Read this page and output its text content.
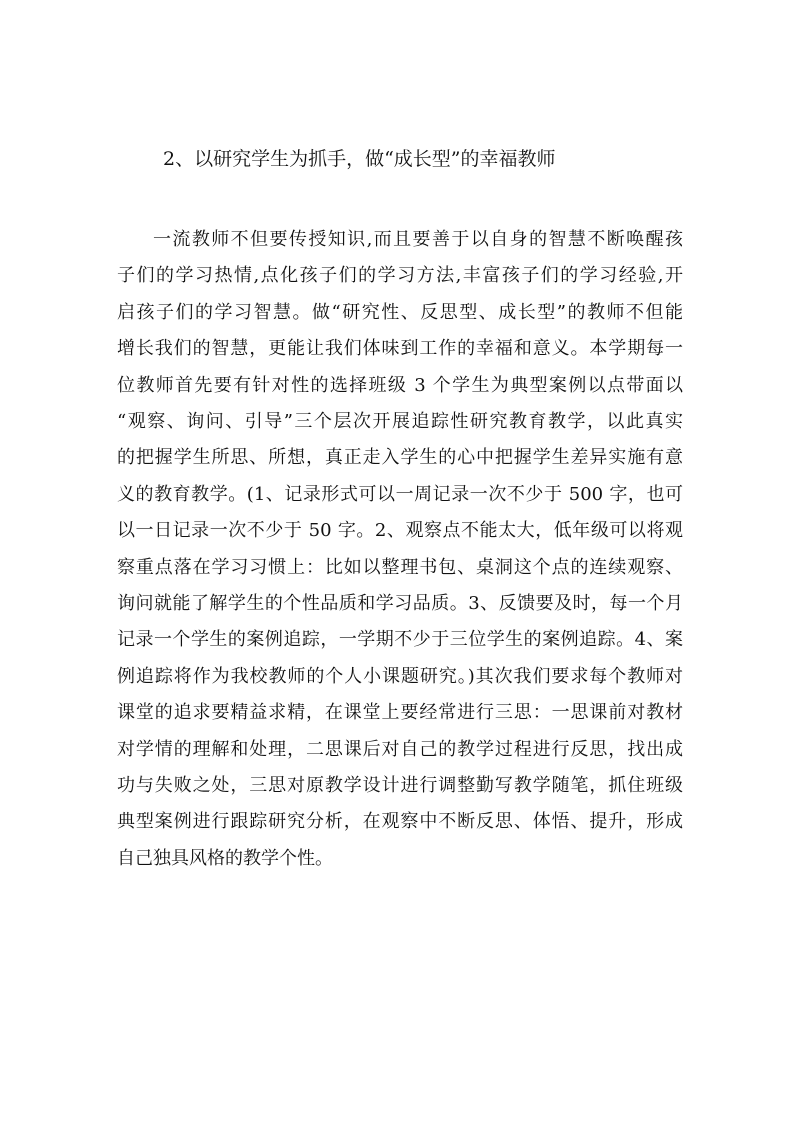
2、以研究学生为抓手，做“成长型”的幸福教师
一流教师不但要传授知识,而且要善于以自身的智慧不断唤醒孩
子们的学习热情,点化孩子们的学习方法,丰富孩子们的学习经验,开
启孩子们的学习智慧。做“研究性、反思型、成长型”的教师不但能
增长我们的智慧，更能让我们体味到工作的幸福和意义。本学期每一
位教师首先要有针对性的选择班级 3 个学生为典型案例以点带面以
“观察、询问、引导”三个层次开展追踪性研究教育教学，以此真实
的把握学生所思、所想，真正走入学生的心中把握学生差异实施有意
义的教育教学。(1、记录形式可以一周记录一次不少于 500 字，也可
以一日记录一次不少于 50 字。2、观察点不能太大，低年级可以将观
察重点落在学习习惯上：比如以整理书包、桌洞这个点的连续观察、
询问就能了解学生的个性品质和学习品质。3、反馈要及时，每一个月
记录一个学生的案例追踪，一学期不少于三位学生的案例追踪。4、案
例追踪将作为我校教师的个人小课题研究。)其次我们要求每个教师对
课堂的追求要精益求精，在课堂上要经常进行三思：一思课前对教材
对学情的理解和处理，二思课后对自己的教学过程进行反思，找出成
功与失败之处，三思对原教学设计进行调整勤写教学随笔，抓住班级
典型案例进行跟踪研究分析，在观察中不断反思、体悟、提升，形成
自己独具风格的教学个性。
